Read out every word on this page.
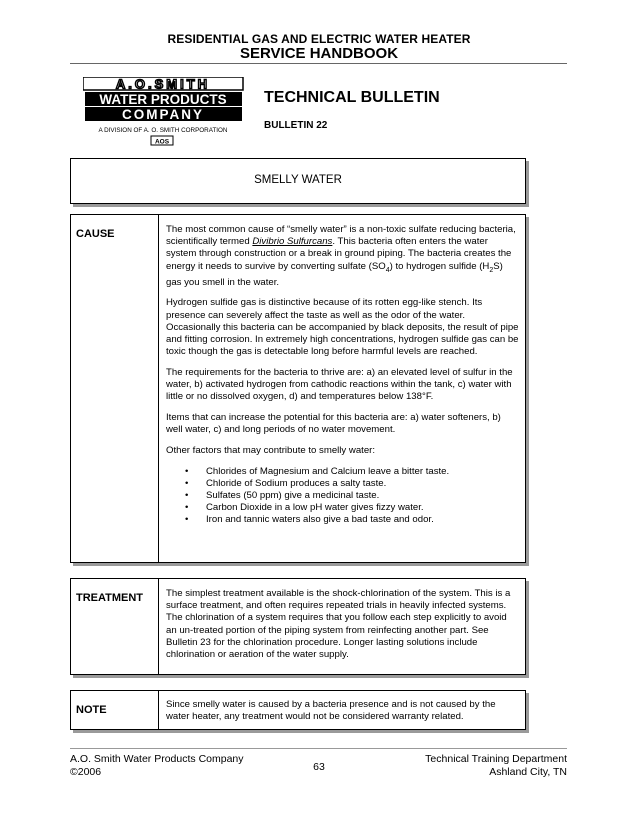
RESIDENTIAL GAS AND ELECTRIC WATER HEATER
SERVICE HANDBOOK
A.O.SMITH
WATER PRODUCTS
COMPANY
A DIVISION OF A. O. SMITH CORPORATION
AOS
TECHNICAL BULLETIN
BULLETIN 22
SMELLY WATER
CAUSE	The most common cause of “smelly water” is a non-toxic sulfate reducing bacteria, scientifically termed Divibrio Sulfurcans. This bacteria often enters the water system through construction or a break in ground piping. The bacteria creates the energy it needs to survive by converting sulfate $(SO_4)$ to hydrogen sulfide $(H_2S)$ gas you smell in the water.

Hydrogen sulfide gas is distinctive because of its rotten egg-like stench. Its presence can severely affect the taste as well as the odor of the water. Occasionally this bacteria can be accompanied by black deposits, the result of pipe and fitting corrosion. In extremely high concentrations, hydrogen sulfide gas can be toxic though the gas is detectable long before harmful levels are reached.

The requirements for the bacteria to thrive are: a) an elevated level of sulfur in the water, b) activated hydrogen from cathodic reactions within the tank, c) water with little or no dissolved oxygen, d) and temperatures below 138°F.

Items that can increase the potential for this bacteria are: a) water softeners, b) well water, c) and long periods of no water movement.

Other factors that may contribute to smelly water:

• Chlorides of Magnesium and Calcium leave a bitter taste.
• Chloride of Sodium produces a salty taste.
• Sulfates (50 ppm) give a medicinal taste.
• Carbon Dioxide in a low pH water gives fizzy water.
• Iron and tannic waters also give a bad taste and odor.
TREATMENT The simplest treatment available is the shock-chlorination of the system. This is a surface treatment, and often requires repeated trials in heavily infected systems. The chlorination of a system requires that you follow each step explicitly to avoid an un-treated portion of the piping system from reinfecting another part. See Bulletin 23 for the chlorination procedure. Longer lasting solutions include chlorination or aeration of the water supply.

NOTE	Since smelly water is caused by a bacteria presence and is not caused by the water heater, any treatment would not be considered warranty related.

A.O. Smith Water Products Company
©2006	63
Technical Training Department
Ashland City, TN
